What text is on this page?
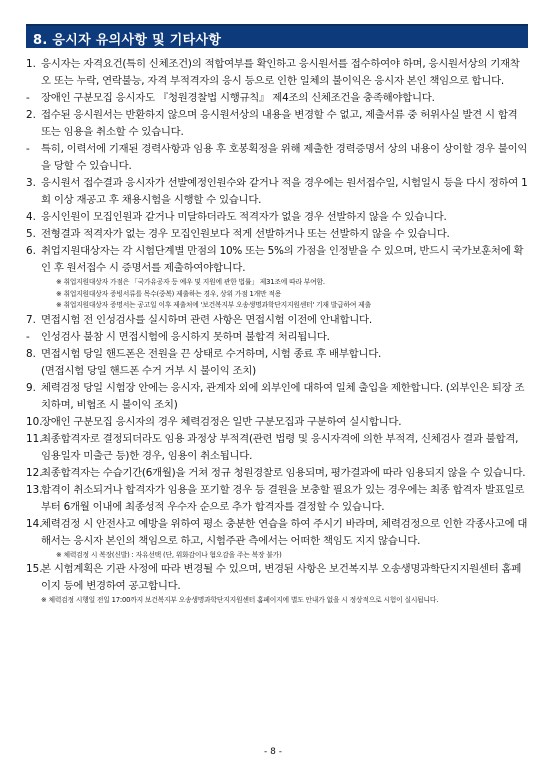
8. 응시자 유의사항 및 기타사항
1. 응시자는 자격요건(특히 신체조건)의 적합여부를 확인하고 응시원서를 접수하여야 하며, 응시원서상의 기재착오 또는 누락, 연락불능, 자격 부적격자의 응시 등으로 인한 일체의 불이익은 응시자 본인 책임으로 합니다.
-	장애인 구분모집 응시자도 『청원경찰법 시행규칙』 제4조의 신체조건을 충족해야합니다.
2. 접수된 응시원서는 반환하지 않으며 응시원서상의 내용을 변경할 수 없고, 제출서류 중 허위사실 발견 시 합격 또는 임용을 취소할 수 있습니다.
-	특히, 이력서에 기재된 경력사항과 임용 후 호봉획정을 위해 제출한 경력증명서 상의 내용이 상이할 경우 불이익을 당할 수 있습니다.
3. 응시원서 접수결과 응시자가 선발예정인원수와 같거나 적을 경우에는 원서접수일, 시험일시 등을 다시 정하여 1회 이상 재공고 후 채용시험을 시행할 수 있습니다.
4. 응시인원이 모집인원과 같거나 미달하더라도 적격자가 없을 경우 선발하지 않을 수 있습니다.
5. 전형결과 적격자가 없는 경우 모집인원보다 적게 선발하거나 또는 선발하지 않을 수 있습니다.
6. 취업지원대상자는 각 시험단계별 만점의 10% 또는 5%의 가점을 인정받을 수 있으며, 반드시 국가보훈처에 확인 후 원서접수 시 증명서를 제출하여야합니다.
※ 취업지원대상자 가점은 「국가유공자 등 예우 및 지원에 관한 법률」 제31조에 따라 부여함.
※ 취업지원대상자 증빙서류를 목수(중복) 제출하는 경우, 상위 가점 1개만 적용
※ 취업지원대상자 증명서는 공고일 이후 제출처에 '보건복지부 오송생명과학단지지원센터' 기재 발급하여 제출
7. 면접시험 전 인성검사를 실시하며 관련 사항은 면접시험 이전에 안내합니다.
-	인성검사 불참 시 면접시험에 응시하지 못하며 불합격 처리됩니다.
8. 면접시험 당일 핸드폰은 전원을 끈 상태로 수거하며, 시험 종료 후 배부합니다.
(면접시험 당일 핸드폰 수거 거부 시 불이익 조치)
9. 체력검정 당일 시험장 안에는 응시자, 관계자 외에 외부인에 대하여 일체 출입을 제한합니다. (외부인은 퇴장 조치하며, 비협조 시 불이익 조치)
10.
장애인 구분모집 응시자의 경우 체력검정은 일반 구분모집과 구분하여 실시합니다.
11.
최종합격자로 결정되더라도 임용 과정상 부적격(관련 법령 및 응시자격에 의한 부적격, 신체검사 결과 불합격, 임용일자 미출근 등)한 경우, 임용이 취소됩니다.
12.
최종합격자는 수습기간(6개월)을 거쳐 정규 청원경찰로 임용되며, 평가결과에 따라 임용되지 않을 수 있습니다.
13.
합격이 취소되거나 합격자가 임용을 포기할 경우 등 결원을 보충할 필요가 있는 경우에는 최종 합격자 발표일로부터 6개월 이내에 최종성적 우수자 순으로 추가 합격자를 결정할 수 있습니다.
14.
체력검정 시 안전사고 예방을 위하여 평소 충분한 연습을 하여 주시기 바라며, 체력검정으로 인한 각종사고에 대해서는 응시자 본인의 책임으로 하고, 시험주관 측에서는 어떠한 책임도 지지 않습니다.
※ 체력검정 시 복장(신발) : 자유선택 (단, 위화감이나 혐오감을 주는 복장 불가)
15.
본 시험계획은 기관 사정에 따라 변경될 수 있으며, 변경된 사항은 보건복지부 오송생명과학단지지원센터 홈페이지 등에 변경하여 공고합니다.
※ 체력검정 시행일 전일 17:00까지 보건복지부 오송생명과학단지지원센터 홈페이지에 별도 안내가 없을 시 정상적으로 시험이 실시됩니다.
- 8 -
